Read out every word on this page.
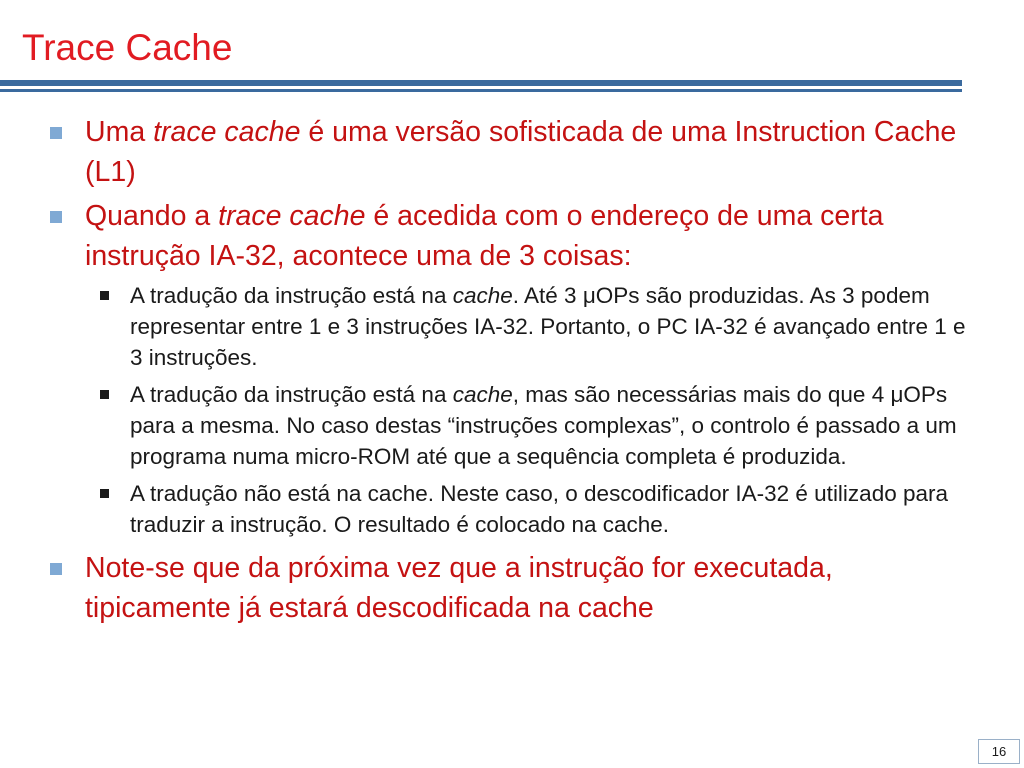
Trace Cache
Uma trace cache é uma versão sofisticada de uma Instruction Cache (L1)
Quando a trace cache é acedida com o endereço de uma certa instrução IA-32, acontece uma de 3 coisas:
A tradução da instrução está na cache. Até 3 μOPs são produzidas. As 3 podem representar entre 1 e 3 instruções IA-32. Portanto, o PC IA-32 é avançado entre 1 e 3 instruções.
A tradução da instrução está na cache, mas são necessárias mais do que 4 μOPs para a mesma. No caso destas “instruções complexas”, o controlo é passado a um programa numa micro-ROM até que a sequência completa é produzida.
A tradução não está na cache. Neste caso, o descodificador IA-32 é utilizado para traduzir a instrução. O resultado é colocado na cache.
Note-se que da próxima vez que a instrução for executada, tipicamente já estará descodificada na cache
16
